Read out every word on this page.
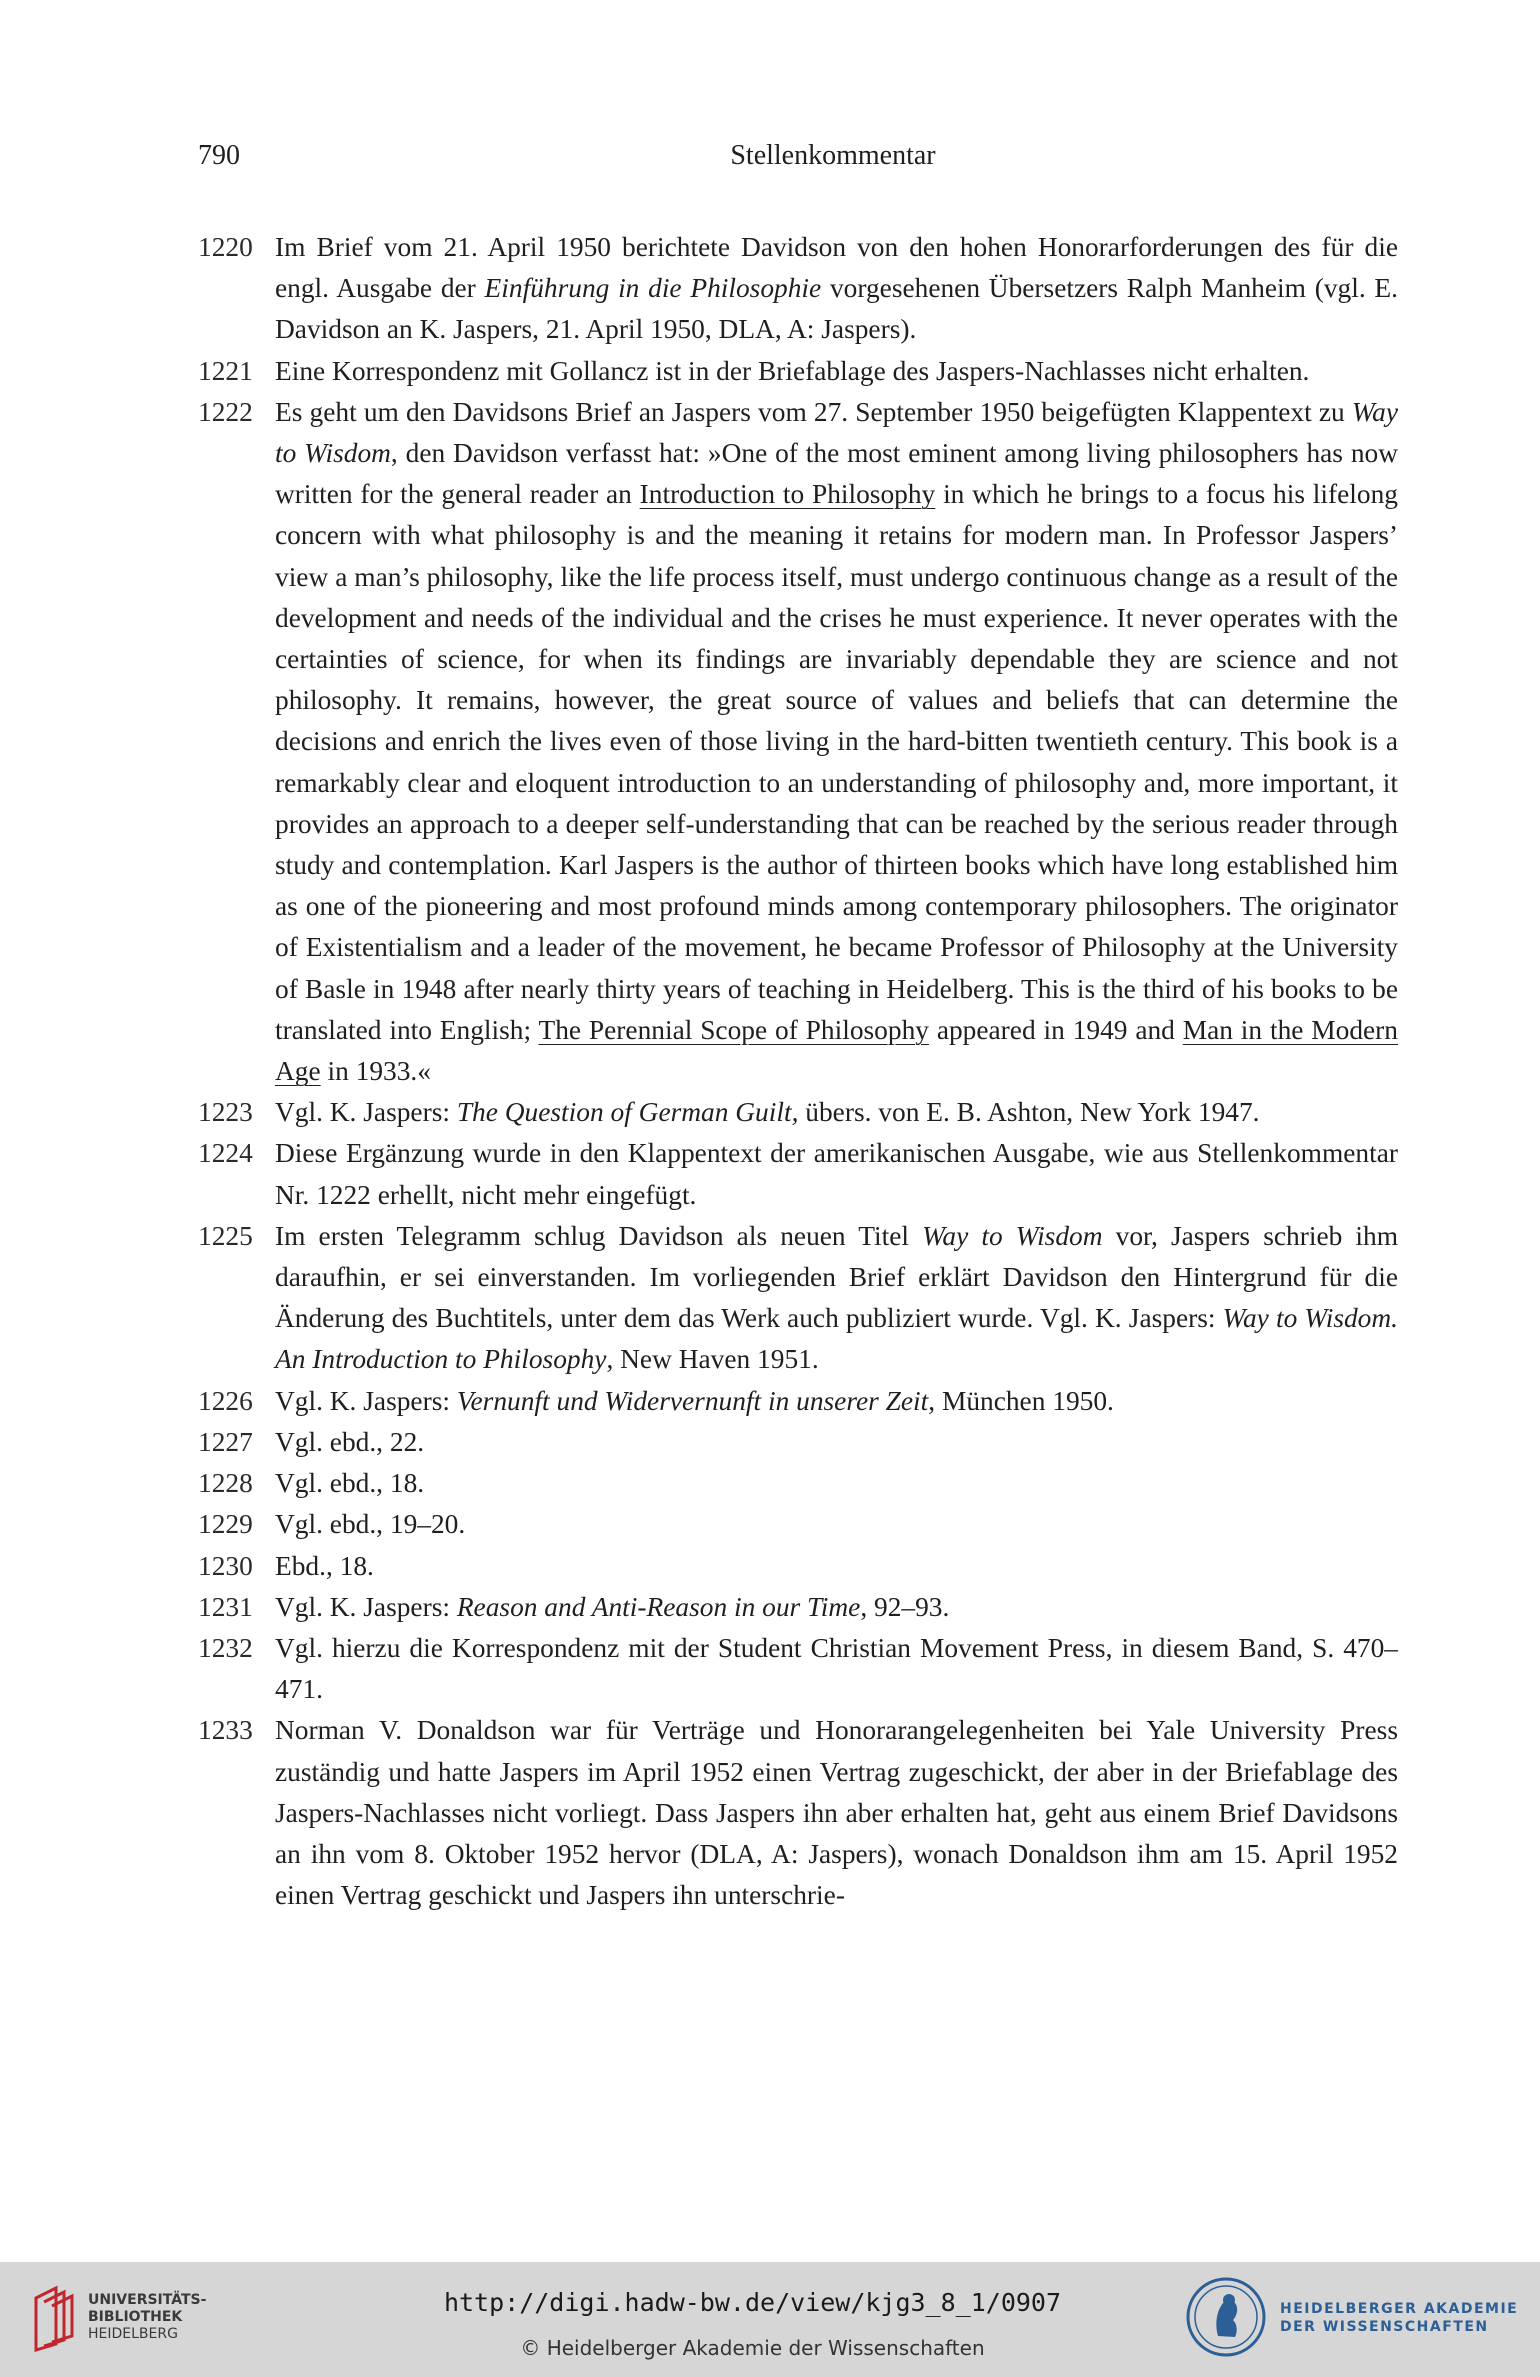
790	Stellenkommentar
1220 Im Brief vom 21. April 1950 berichtete Davidson von den hohen Honorarforderungen des für die engl. Ausgabe der Einführung in die Philosophie vorgesehenen Übersetzers Ralph Manheim (vgl. E. Davidson an K. Jaspers, 21. April 1950, DLA, A: Jaspers).
1221 Eine Korrespondenz mit Gollancz ist in der Briefablage des Jaspers-Nachlasses nicht erhalten.
1222 Es geht um den Davidsons Brief an Jaspers vom 27. September 1950 beigefügten Klappentext zu Way to Wisdom, den Davidson verfasst hat: »One of the most eminent among living philosophers has now written for the general reader an Introduction to Philosophy in which he brings to a focus his lifelong concern with what philosophy is and the meaning it retains for modern man. In Professor Jaspers’ view a man’s philosophy, like the life process itself, must undergo continuous change as a result of the development and needs of the individual and the crises he must experience. It never operates with the certainties of science, for when its findings are invariably dependable they are science and not philosophy. It remains, however, the great source of values and beliefs that can determine the decisions and enrich the lives even of those living in the hard-bitten twentieth century. This book is a remarkably clear and eloquent introduction to an understanding of philosophy and, more important, it provides an approach to a deeper self-understanding that can be reached by the serious reader through study and contemplation. Karl Jaspers is the author of thirteen books which have long established him as one of the pioneering and most profound minds among contemporary philosophers. The originator of Existentialism and a leader of the movement, he became Professor of Philosophy at the University of Basle in 1948 after nearly thirty years of teaching in Heidelberg. This is the third of his books to be translated into English; The Perennial Scope of Philosophy appeared in 1949 and Man in the Modern Age in 1933.«
1223 Vgl. K. Jaspers: The Question of German Guilt, übers. von E. B. Ashton, New York 1947.
1224 Diese Ergänzung wurde in den Klappentext der amerikanischen Ausgabe, wie aus Stellenkommentar Nr. 1222 erhellt, nicht mehr eingefügt.
1225 Im ersten Telegramm schlug Davidson als neuen Titel Way to Wisdom vor, Jaspers schrieb ihm daraufhin, er sei einverstanden. Im vorliegenden Brief erklärt Davidson den Hintergrund für die Änderung des Buchtitels, unter dem das Werk auch publiziert wurde. Vgl. K. Jaspers: Way to Wisdom. An Introduction to Philosophy, New Haven 1951.
1226 Vgl. K. Jaspers: Vernunft und Widervernunft in unserer Zeit, München 1950.
1227 Vgl. ebd., 22.
1228 Vgl. ebd., 18.
1229 Vgl. ebd., 19–20.
1230 Ebd., 18.
1231 Vgl. K. Jaspers: Reason and Anti-Reason in our Time, 92–93.
1232 Vgl. hierzu die Korrespondenz mit der Student Christian Movement Press, in diesem Band, S. 470–471.
1233 Norman V. Donaldson war für Verträge und Honorarangelegenheiten bei Yale University Press zuständig und hatte Jaspers im April 1952 einen Vertrag zugeschickt, der aber in der Briefablage des Jaspers-Nachlasses nicht vorliegt. Dass Jaspers ihn aber erhalten hat, geht aus einem Brief Davidsons an ihn vom 8. Oktober 1952 hervor (DLA, A: Jaspers), wonach Donaldson ihm am 15. April 1952 einen Vertrag geschickt und Jaspers ihn unterschrie-
UNIVERSITÄTS-
BIBLIOTHEK
HEIDELBERG
http://digi.hadw-bw.de/view/kjg3_8_1/0907
© Heidelberger Akademie der Wissenschaften
HEIDELBERGER AKADEMIE
DER WISSENSCHAFTEN
